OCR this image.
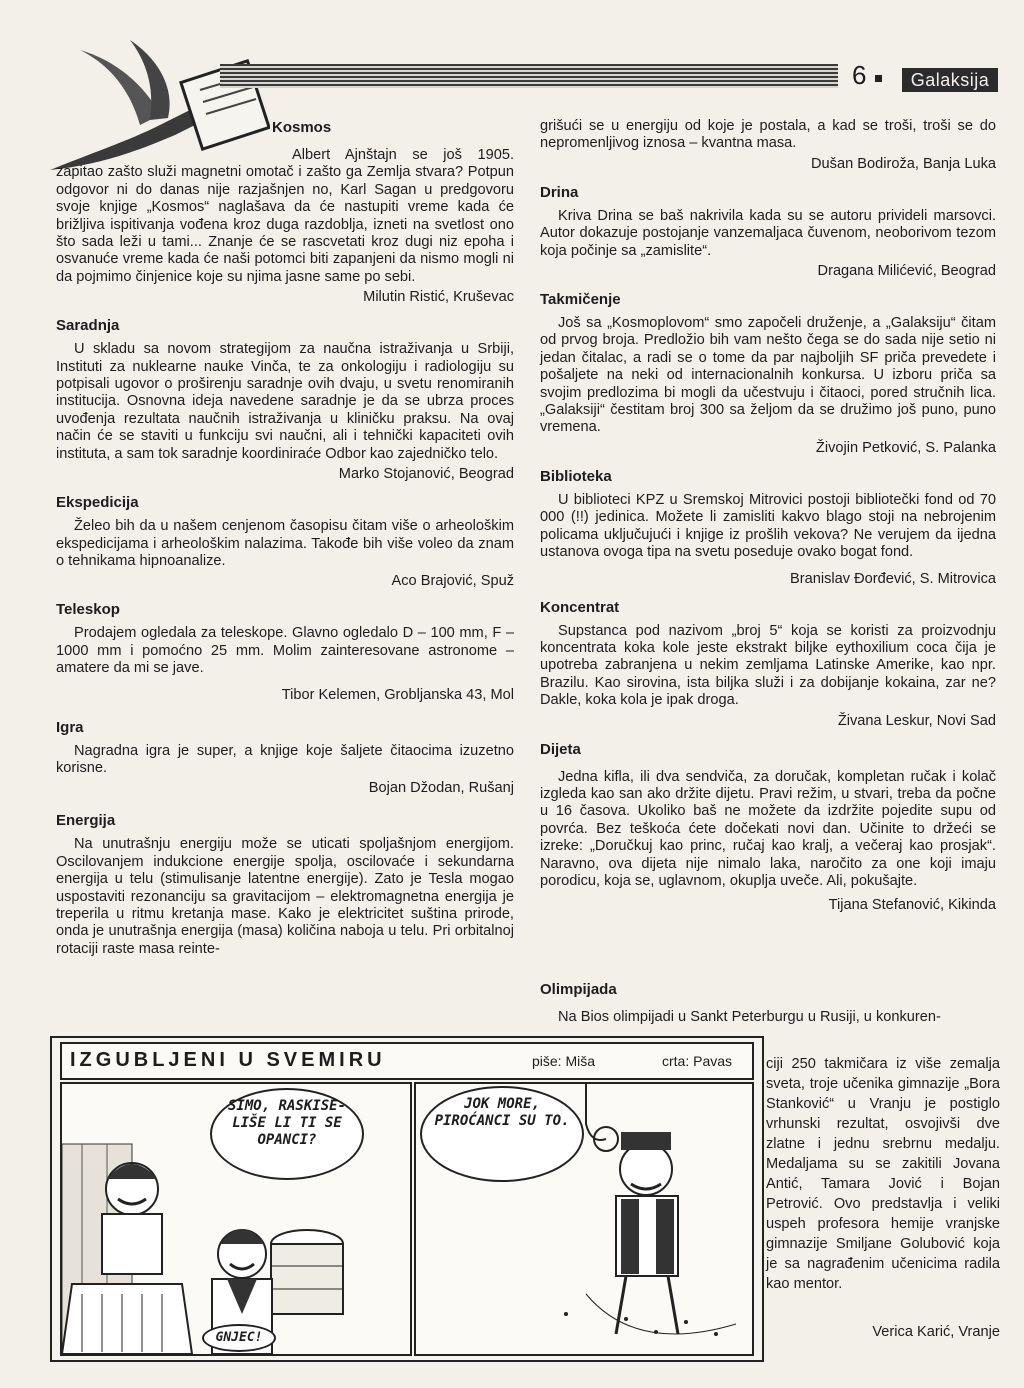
6	Galaksija

Kosmos

Albert Ajnštajn se još 1905. zapitao zašto služi magnetni omotač i zašto ga Zemlja stvara? Potpun odgovor ni do danas nije razjašnjen no, Karl Sagan u predgovoru svoje knjige „Kosmos“ naglašava da će nastupiti vreme kada će brižljiva ispitivanja vođena kroz duga razdoblja, izneti na svetlost ono što sada leži u tami... Znanje će se rascvetati kroz dugi niz epoha i osvanuće vreme kada će naši potomci biti zapanjeni da nismo mogli ni da pojmimo činjenice koje su njima jasne same po sebi.

Milutin Ristić, Kruševac

Saradnja

U skladu sa novom strategijom za naučna istraživanja u Srbiji, Instituti za nuklearne nauke Vinča, te za onkologiju i radiologiju su potpisali ugovor o proširenju saradnje ovih dvaju, u svetu renomiranih institucija. Osnovna ideja navedene saradnje je da se ubrza proces uvođenja rezultata naučnih istraživanja u kliničku praksu. Na ovaj način će se staviti u funkciju svi naučni, ali i tehnički kapaciteti ovih instituta, a sam tok saradnje koordiniraće Odbor kao zajedničko telo.

Marko Stojanović, Beograd

Ekspedicija

Želeo bih da u našem cenjenom časopisu čitam više o arheološkim ekspedicijama i arheološkim nalazima. Takođe bih više voleo da znam o tehnikama hipnoanalize.

Aco Brajović, Spuž

Teleskop

Prodajem ogledala za teleskope. Glavno ogledalo D – 100 mm, F – 1000 mm i pomoćno 25 mm. Molim zainteresovane astronome – amatere da mi se jave.

Tibor Kelemen, Grobljanska 43, Mol

Igra

Nagradna igra je super, a knjige koje šaljete čitaocima izuzetno korisne.

Bojan Džodan, Rušanj

Energija

Na unutrašnju energiju može se uticati spoljašnjom energijom. Oscilovanjem indukcione energije spolja, oscilovaće i sekundarna energija u telu (stimulisanje latentne energije). Zato je Tesla mogao uspostaviti rezonanciju sa gravitacijom – elektromagnetna energija je treperila u ritmu kretanja mase. Kako je elektricitet suština prirode, onda je unutrašnja energija (masa) količina naboja u telu. Pri orbitalnoj rotaciji raste masa reinte-

grišući se u energiju od koje je postala, a kad se troši, troši se do nepromenljivog iznosa – kvantna masa.

Dušan Bodiroža, Banja Luka

Drina

Kriva Drina se baš nakrivila kada su se autoru privideli marsovci. Autor dokazuje postojanje vanzemaljaca čuvenom, neoborivom tezom koja počinje sa „zamislite“.

Dragana Milićević, Beograd

Takmičenje

Još sa „Kosmoplovom“ smo započeli druženje, a „Galaksiju“ čitam od prvog broja. Predložio bih vam nešto čega se do sada nije setio ni jedan čitalac, a radi se o tome da par najboljih SF priča prevedete i pošaljete na neki od internacionalnih konkursa. U izboru priča sa svojim predlozima bi mogli da učestvuju i čitaoci, pored stručnih lica. „Galaksiji“ čestitam broj 300 sa željom da se družimo još puno, puno vremena.

Živojin Petković, S. Palanka

Biblioteka

U biblioteci KPZ u Sremskoj Mitrovici postoji bibliotečki fond od 70 000 (!!) jedinica. Možete li zamisliti kakvo blago stoji na nebrojenim policama uključujući i knjige iz prošlih vekova? Ne verujem da ijedna ustanova ovoga tipa na svetu poseduje ovako bogat fond.

Branislav Đorđević, S. Mitrovica

Koncentrat

Supstanca pod nazivom „broj 5“ koja se koristi za proizvodnju koncentrata koka kole jeste ekstrakt biljke eythoxilium coca čija je upotreba zabranjena u nekim zemljama Latinske Amerike, kao npr. Brazilu. Kao sirovina, ista biljka služi i za dobijanje kokaina, zar ne? Dakle, koka kola je ipak droga.

Živana Leskur, Novi Sad

Dijeta

Jedna kifla, ili dva sendviča, za doručak, kompletan ručak i kolač izgleda kao san ako držite dijetu. Pravi režim, u stvari, treba da počne u 16 časova. Ukoliko baš ne možete da izdržite pojedite supu od povrća. Bez teškoća ćete dočekati novi dan. Učinite to držeći se izreke: „Doručkuj kao princ, ručaj kao kralj, a večeraj kao prosjak“. Naravno, ova dijeta nije nimalo laka, naročito za one koji imaju porodicu, koja se, uglavnom, okuplja uveče. Ali, pokušajte.

Tijana Stefanović, Kikinda

Olimpijada

Na Bios olimpijadi u Sankt Peterburgu u Rusiji, u konkuren-

ciji 250 takmičara iz više zemalja sveta, troje učenika gimnazije „Bora Stanković“ u Vranju je postiglo vrhunski rezultat, osvojivši dve zlatne i jednu srebrnu medalju. Medaljama su se zakitili Jovana Antić, Tamara Jović i Bojan Petrović. Ovo predstavlja i veliki uspeh profesora hemije vranjske gimnazije Smiljane Golubović koja je sa nagrađenim učenicima radila kao mentor.

Verica Karić, Vranje
IZGUBLJENI U SVEMIRU	piše: Miša	crta: Pavas
SIMO, RASKISE-LIŠE LI TI SE OPANCI?
GNJEC!
JOK MORE, PIROĆANCI SU TO.
